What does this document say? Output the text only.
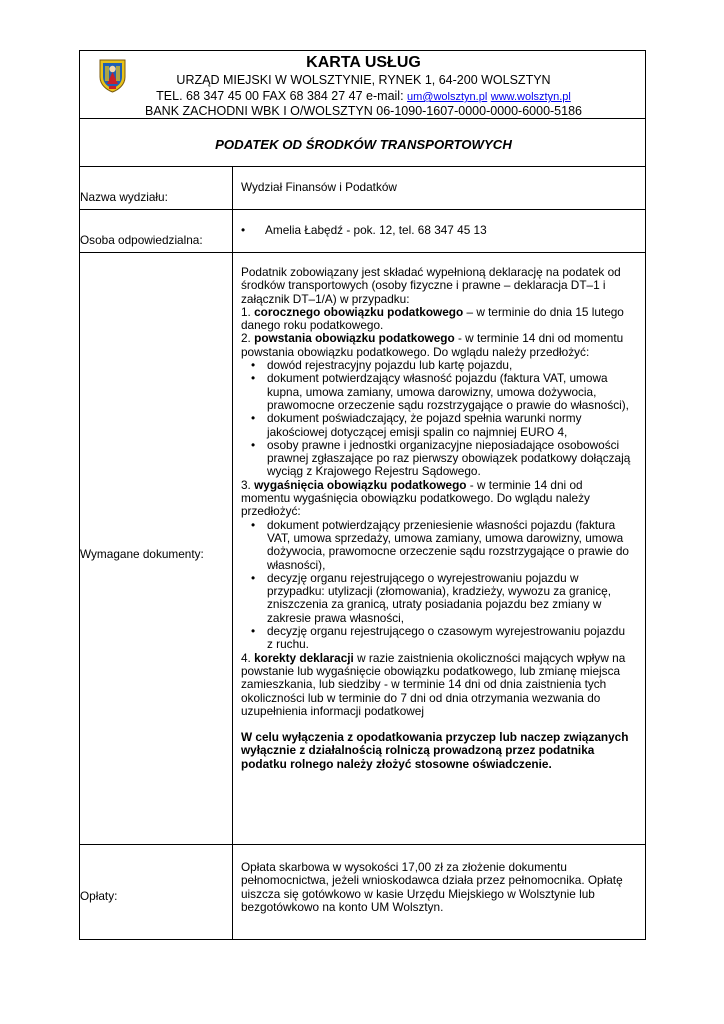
KARTA USŁUG
URZĄD MIEJSKI W WOLSZTYNIE, RYNEK 1, 64-200 WOLSZTYN
TEL. 68 347 45 00 FAX 68 384 27 47 e-mail: um@wolsztyn.pl www.wolsztyn.pl
BANK ZACHODNI WBK I O/WOLSZTYN 06-1090-1607-0000-0000-6000-5186
PODATEK OD ŚRODKÓW TRANSPORTOWYCH
Nazwa wydziału:
Wydział Finansów i Podatków
Osoba odpowiedzialna:
• Amelia Łabędź - pok. 12, tel. 68 347 45 13
Wymagane dokumenty:

Podatnik zobowiązany jest składać wypełnioną deklarację na podatek od środków transportowych (osoby fizyczne i prawne – deklaracja DT–1 i załącznik DT–1/A) w przypadku:

1. corocznego obowiązku podatkowego – w terminie do dnia 15 lutego danego roku podatkowego.

2. powstania obowiązku podatkowego - w terminie 14 dni od momentu powstania obowiązku podatkowego. Do wglądu należy przedłożyć:

• dowód rejestracyjny pojazdu lub kartę pojazdu,
• dokument potwierdzający własność pojazdu (faktura VAT, umowa kupna, umowa zamiany, umowa darowizny, umowa dożywocia, prawomocne orzeczenie sądu rozstrzygające o prawie do własności),
• dokument poświadczający, że pojazd spełnia warunki normy jakościowej dotyczącej emisji spalin co najmniej EURO 4,
• osoby prawne i jednostki organizacyjne nieposiadające osobowości prawnej zgłaszające po raz pierwszy obowiązek podatkowy dołączają wyciąg z Krajowego Rejestru Sądowego.

3. wygaśnięcia obowiązku podatkowego - w terminie 14 dni od momentu wygaśnięcia obowiązku podatkowego. Do wglądu należy przedłożyć:

• dokument potwierdzający przeniesienie własności pojazdu (faktura VAT, umowa sprzedaży, umowa zamiany, umowa darowizny, umowa dożywocia, prawomocne orzeczenie sądu rozstrzygające o prawie do własności),
• decyzję organu rejestrującego o wyrejestrowaniu pojazdu w przypadku: utylizacji (złomowania), kradzieży, wywozu za granicę, zniszczenia za granicą, utraty posiadania pojazdu bez zmiany w zakresie prawa własności,
• decyzję organu rejestrującego o czasowym wyrejestrowaniu pojazdu z ruchu.

4. korekty deklaracji w razie zaistnienia okoliczności mających wpływ na powstanie lub wygaśnięcie obowiązku podatkowego, lub zmianę miejsca zamieszkania, lub siedziby - w terminie 14 dni od dnia zaistnienia tych okoliczności lub w terminie do 7 dni od dnia otrzymania wezwania do uzupełnienia informacji podatkowej

W celu wyłączenia z opodatkowania przyczep lub naczep związanych wyłącznie z działalnością rolniczą prowadzoną przez podatnika podatku rolnego należy złożyć stosowne oświadczenie.

Opłaty:
Opłata skarbowa w wysokości 17,00 zł za złożenie dokumentu pełnomocnictwa, jeżeli wnioskodawca działa przez pełnomocnika. Opłatę uiszcza się gotówkowo w kasie Urzędu Miejskiego w Wolsztynie lub bezgotówkowo na konto UM Wolsztyn.
